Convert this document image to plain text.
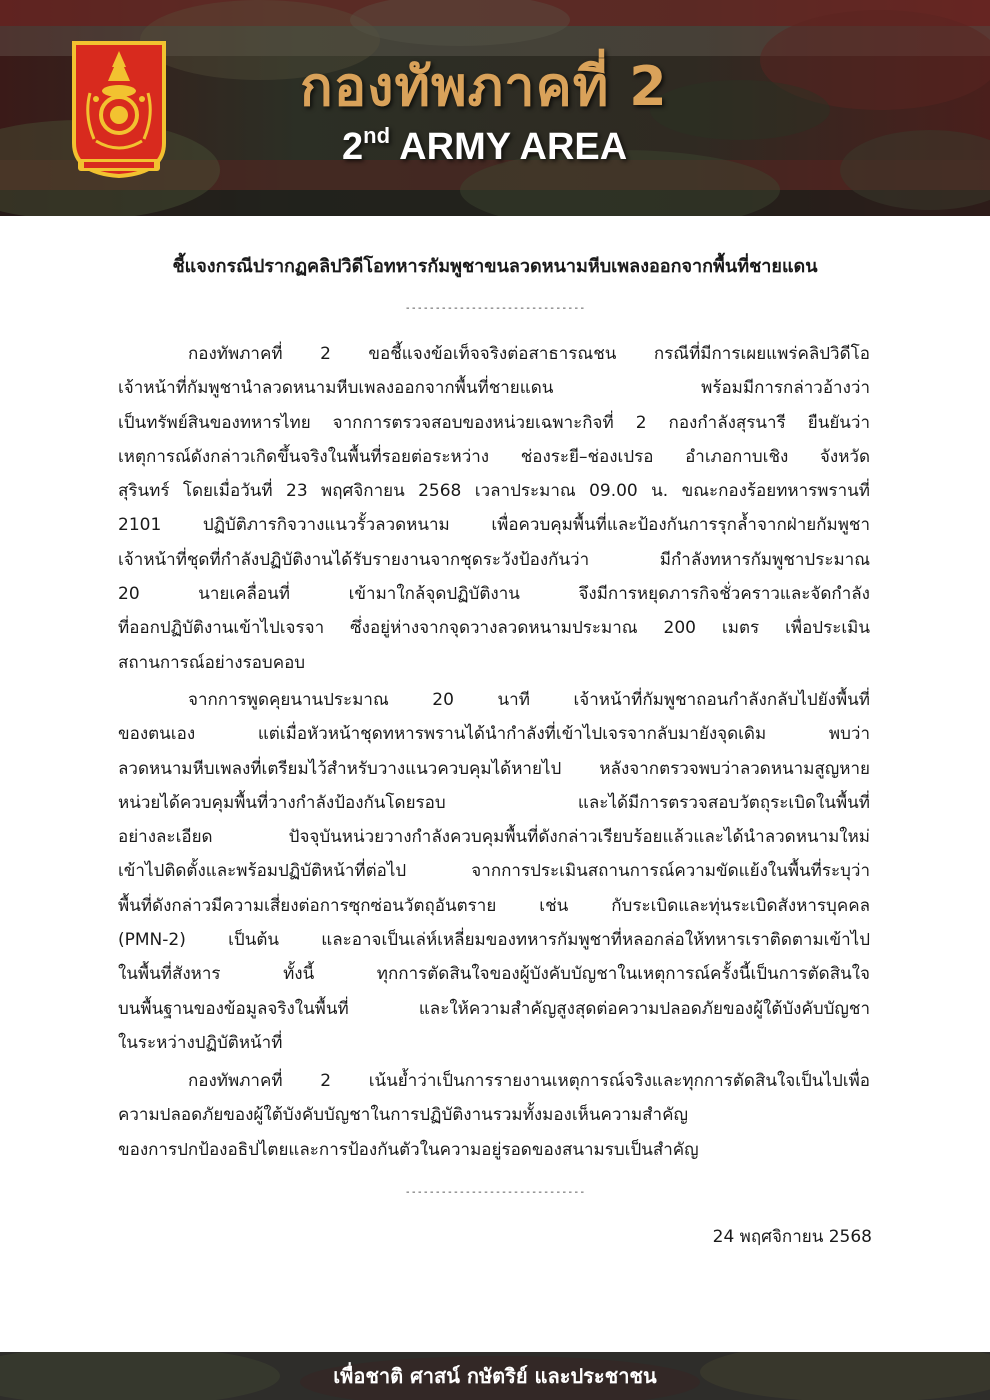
กองทัพภาคที่ 2
2nd ARMY AREA
ชี้แจงกรณีปรากฏคลิปวิดีโอทหารกัมพูชาขนลวดหนามหีบเพลงออกจากพื้นที่ชายแดน
------------------------------
กองทัพภาคที่ 2 ขอชี้แจงข้อเท็จจริงต่อสาธารณชน กรณีที่มีการเผยแพร่คลิปวิดีโอ
เจ้าหน้าที่กัมพูชานำลวดหนามหีบเพลงออกจากพื้นที่ชายแดน พร้อมมีการกล่าวอ้างว่า
เป็นทรัพย์สินของทหารไทย จากการตรวจสอบของหน่วยเฉพาะกิจที่ 2 กองกำลังสุรนารี ยืนยันว่า
เหตุการณ์ดังกล่าวเกิดขึ้นจริงในพื้นที่รอยต่อระหว่าง ช่องระยี–ช่องเปรอ อำเภอกาบเชิง จังหวัด
สุรินทร์ โดยเมื่อวันที่ 23 พฤศจิกายน 2568 เวลาประมาณ 09.00 น. ขณะกองร้อยทหารพรานที่
2101 ปฏิบัติภารกิจวางแนวรั้วลวดหนาม เพื่อควบคุมพื้นที่และป้องกันการรุกล้ำจากฝ่ายกัมพูชา
เจ้าหน้าที่ชุดที่กำลังปฏิบัติงานได้รับรายงานจากชุดระวังป้องกันว่า มีกำลังทหารกัมพูชาประมาณ
20 นายเคลื่อนที่ เข้ามาใกล้จุดปฏิบัติงาน จึงมีการหยุดภารกิจชั่วคราวและจัดกำลัง
ที่ออกปฏิบัติงานเข้าไปเจรจา ซึ่งอยู่ห่างจากจุดวางลวดหนามประมาณ 200 เมตร เพื่อประเมิน
สถานการณ์อย่างรอบคอบ
จากการพูดคุยนานประมาณ 20 นาที เจ้าหน้าที่กัมพูชาถอนกำลังกลับไปยังพื้นที่
ของตนเอง แต่เมื่อหัวหน้าชุดทหารพรานได้นำกำลังที่เข้าไปเจรจากลับมายังจุดเดิม พบว่า
ลวดหนามหีบเพลงที่เตรียมไว้สำหรับวางแนวควบคุมได้หายไป หลังจากตรวจพบว่าลวดหนามสูญหาย
หน่วยได้ควบคุมพื้นที่วางกำลังป้องกันโดยรอบ และได้มีการตรวจสอบวัตถุระเบิดในพื้นที่
อย่างละเอียด ปัจจุบันหน่วยวางกำลังควบคุมพื้นที่ดังกล่าวเรียบร้อยแล้วและได้นำลวดหนามใหม่
เข้าไปติดตั้งและพร้อมปฏิบัติหน้าที่ต่อไป จากการประเมินสถานการณ์ความขัดแย้งในพื้นที่ระบุว่า
พื้นที่ดังกล่าวมีความเสี่ยงต่อการซุกซ่อนวัตถุอันตราย เช่น กับระเบิดและทุ่นระเบิดสังหารบุคคล
(PMN-2) เป็นต้น และอาจเป็นเล่ห์เหลี่ยมของทหารกัมพูชาที่หลอกล่อให้ทหารเราติดตามเข้าไป
ในพื้นที่สังหาร ทั้งนี้ ทุกการตัดสินใจของผู้บังคับบัญชาในเหตุการณ์ครั้งนี้เป็นการตัดสินใจ
บนพื้นฐานของข้อมูลจริงในพื้นที่ และให้ความสำคัญสูงสุดต่อความปลอดภัยของผู้ใต้บังคับบัญชา
ในระหว่างปฏิบัติหน้าที่
กองทัพภาคที่ 2 เน้นย้ำว่าเป็นการรายงานเหตุการณ์จริงและทุกการตัดสินใจเป็นไปเพื่อ
ความปลอดภัยของผู้ใต้บังคับบัญชาในการปฏิบัติงานรวมทั้งมองเห็นความสำคัญ
ของการปกป้องอธิปไตยและการป้องกันตัวในความอยู่รอดของสนามรบเป็นสำคัญ
------------------------------
24 พฤศจิกายน 2568
เพื่อชาติ ศาสน์ กษัตริย์ และประชาชน
